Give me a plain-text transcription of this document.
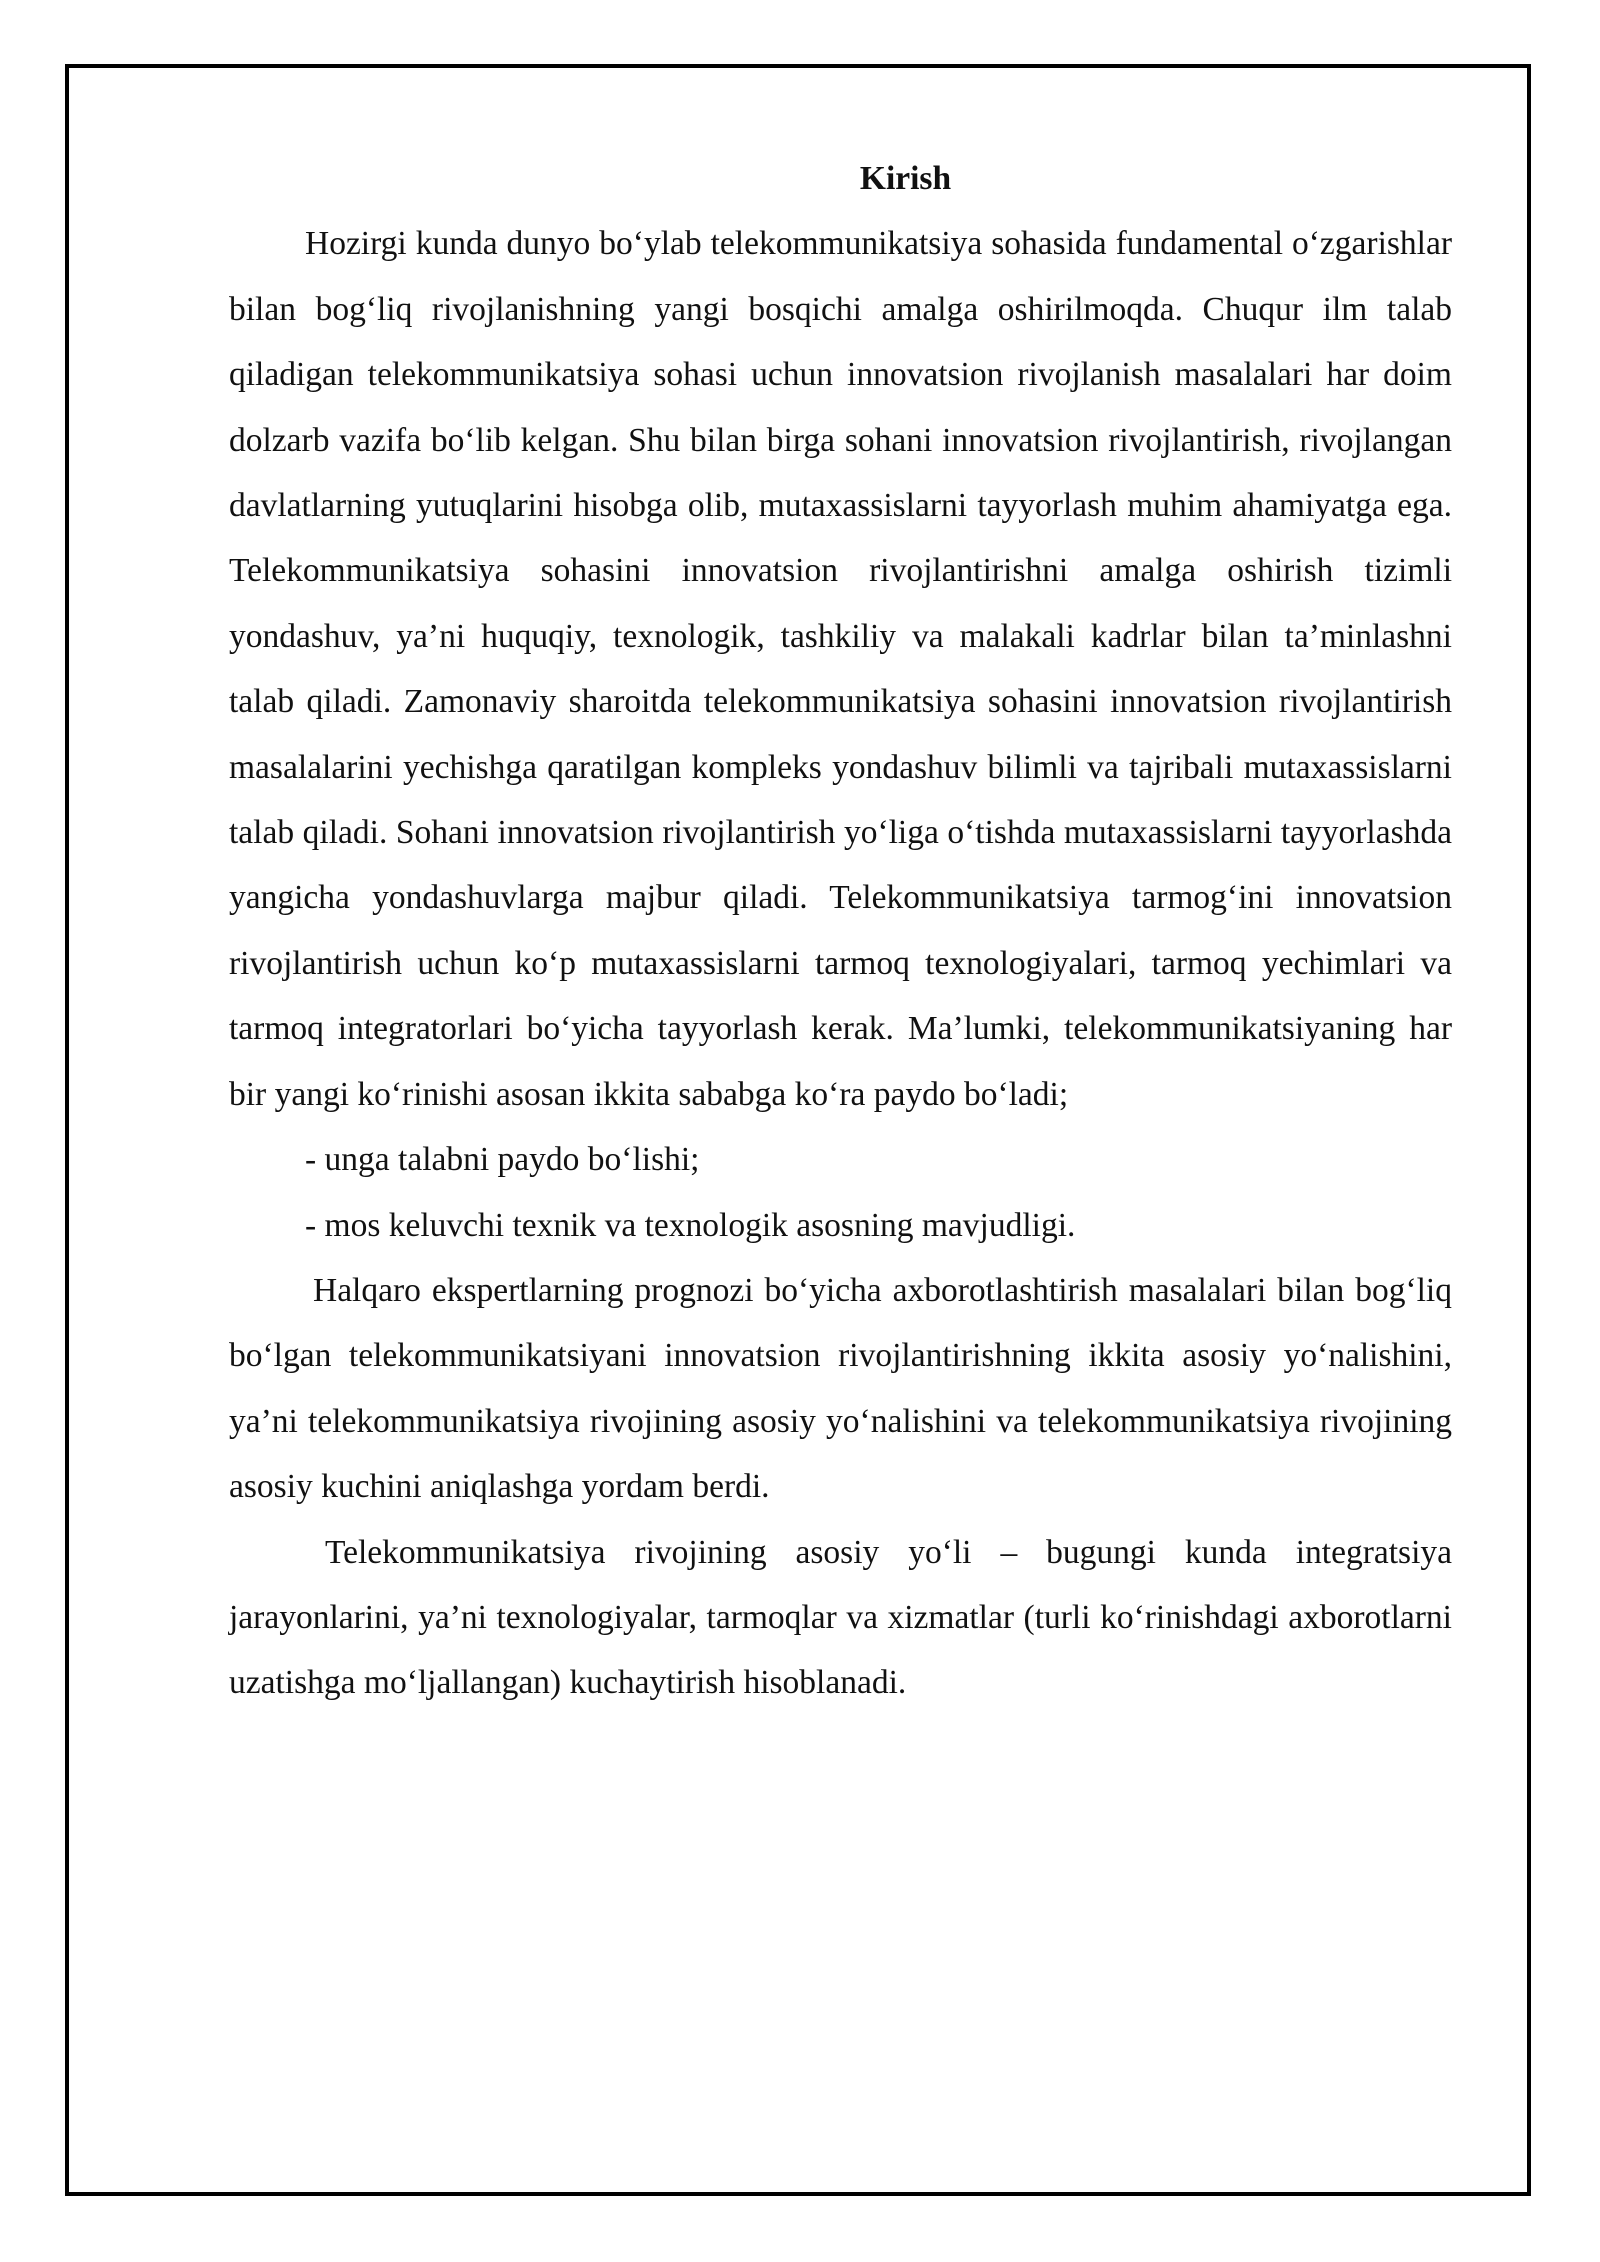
Kirish

Hozirgi kunda dunyo bo‘ylab telekommunikatsiya sohasida fundamental o‘zgarishlar bilan bog‘liq rivojlanishning yangi bosqichi amalga oshirilmoqda. Chuqur ilm talab qiladigan telekommunikatsiya sohasi uchun innovatsion rivojlanish masalalari har doim dolzarb vazifa bo‘lib kelgan. Shu bilan birga sohani innovatsion rivojlantirish, rivojlangan davlatlarning yutuqlarini hisobga olib, mutaxassislarni tayyorlash muhim ahamiyatga ega. Telekommunikatsiya sohasini innovatsion rivojlantirishni amalga oshirish tizimli yondashuv, ya’ni huquqiy, texnologik, tashkiliy va malakali kadrlar bilan ta’minlashni talab qiladi. Zamonaviy sharoitda telekommunikatsiya sohasini innovatsion rivojlantirish masalalarini yechishga qaratilgan kompleks yondashuv bilimli va tajribali mutaxassislarni talab qiladi. Sohani innovatsion rivojlantirish yo‘liga o‘tishda mutaxassislarni tayyorlashda yangicha yondashuvlarga majbur qiladi. Telekommunikatsiya tarmog‘ini innovatsion rivojlantirish uchun ko‘p mutaxassislarni tarmoq texnologiyalari, tarmoq yechimlari va tarmoq integratorlari bo‘yicha tayyorlash kerak. Ma’lumki, telekommunikatsiyaning har bir yangi ko‘rinishi asosan ikkita sababga ko‘ra paydo bo‘ladi;

- unga talabni paydo bo‘lishi;

- mos keluvchi texnik va texnologik asosning mavjudligi.

Halqaro ekspertlarning prognozi bo‘yicha axborotlashtirish masalalari bilan bog‘liq bo‘lgan telekommunikatsiyani innovatsion rivojlantirishning ikkita asosiy yo‘nalishini, ya’ni telekommunikatsiya rivojining asosiy yo‘nalishini va telekommunikatsiya rivojining asosiy kuchini aniqlashga yordam berdi.

Telekommunikatsiya rivojining asosiy yo‘li – bugungi kunda integratsiya jarayonlarini, ya’ni texnologiyalar, tarmoqlar va xizmatlar (turli ko‘rinishdagi axborotlarni uzatishga mo‘ljallangan) kuchaytirish hisoblanadi.
